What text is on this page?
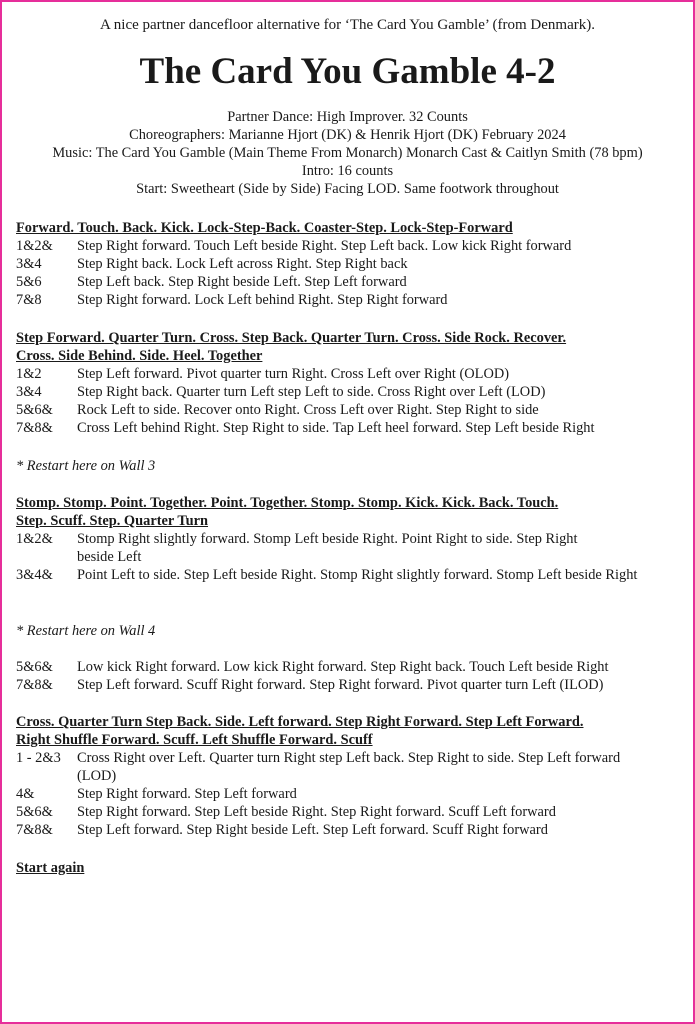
A nice partner dancefloor alternative for ‘The Card You Gamble’ (from Denmark).
The Card You Gamble 4-2
Partner Dance: High Improver. 32 Counts
Choreographers: Marianne Hjort (DK) & Henrik Hjort (DK) February 2024
Music: The Card You Gamble (Main Theme From Monarch) Monarch Cast & Caitlyn Smith (78 bpm)
Intro: 16 counts
Start: Sweetheart (Side by Side) Facing LOD. Same footwork throughout
Forward. Touch. Back. Kick. Lock-Step-Back. Coaster-Step. Lock-Step-Forward
1&2&	Step Right forward. Touch Left beside Right. Step Left back. Low kick Right forward
3&4	Step Right back. Lock Left across Right. Step Right back
5&6	Step Left back. Step Right beside Left. Step Left forward
7&8	Step Right forward. Lock Left behind Right. Step Right forward
Step Forward. Quarter Turn. Cross. Step Back. Quarter Turn. Cross. Side Rock. Recover.
Cross. Side Behind. Side. Heel. Together
1&2	Step Left forward. Pivot quarter turn Right. Cross Left over Right (OLOD)
3&4	Step Right back. Quarter turn Left step Left to side. Cross Right over Left (LOD)
5&6&	Rock Left to side. Recover onto Right. Cross Left over Right. Step Right to side
7&8&	Cross Left behind Right. Step Right to side. Tap Left heel forward. Step Left beside Right
* Restart here on Wall 3
Stomp. Stomp. Point. Together. Point. Together. Stomp. Stomp. Kick. Kick. Back. Touch.
Step. Scuff. Step. Quarter Turn
1&2&	Stomp Right slightly forward. Stomp Left beside Right. Point Right to side. Step Right beside Left
3&4&	Point Left to side. Step Left beside Right. Stomp Right slightly forward. Stomp Left beside Right
* Restart here on Wall 4
5&6&	Low kick Right forward. Low kick Right forward. Step Right back. Touch Left beside Right
7&8&	Step Left forward. Scuff Right forward. Step Right forward. Pivot quarter turn Left (ILOD)
Cross. Quarter Turn Step Back. Side. Left forward. Step Right Forward. Step Left Forward.
Right Shuffle Forward. Scuff. Left Shuffle Forward. Scuff
1 - 2&3	Cross Right over Left. Quarter turn Right step Left back. Step Right to side. Step Left forward (LOD)
4&	Step Right forward. Step Left forward
5&6&	Step Right forward. Step Left beside Right. Step Right forward. Scuff Left forward
7&8&	Step Left forward. Step Right beside Left. Step Left forward. Scuff Right forward
Start again
